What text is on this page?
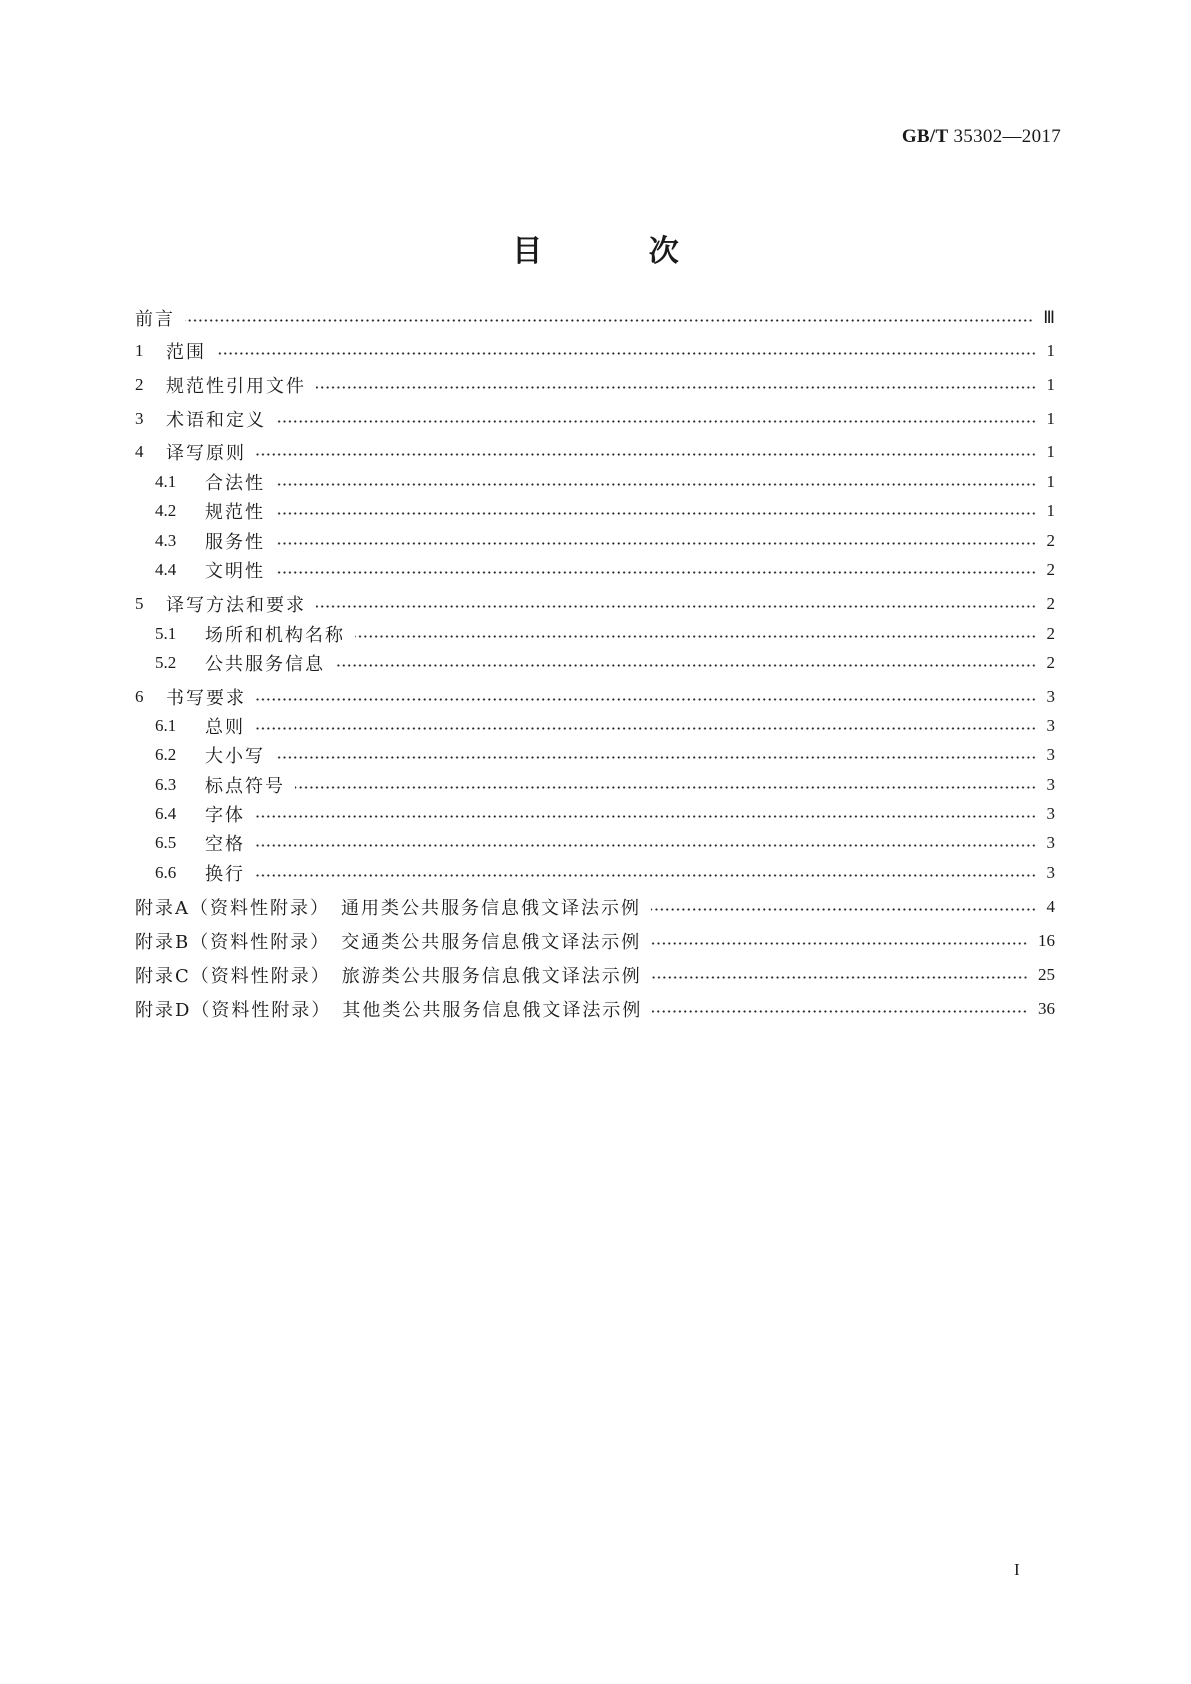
GB/T 35302—2017
目 次
前言	Ⅲ
1	范围	1
2	规范性引用文件	1
3	术语和定义	1
4	译写原则	1
4.1	合法性	1
4.2	规范性	1
4.3	服务性	2
4.4	文明性	2
5	译写方法和要求	2
5.1	场所和机构名称	2
5.2	公共服务信息	2
6	书写要求	3
6.1	总则	3
6.2	大小写	3
6.3	标点符号	3
6.4	字体	3
6.5	空格	3
6.6	换行	3
附录A（资料性附录）　通用类公共服务信息俄文译法示例	4
附录B（资料性附录）　交通类公共服务信息俄文译法示例	16
附录C（资料性附录）　旅游类公共服务信息俄文译法示例	25
附录D（资料性附录）　其他类公共服务信息俄文译法示例	36
I
